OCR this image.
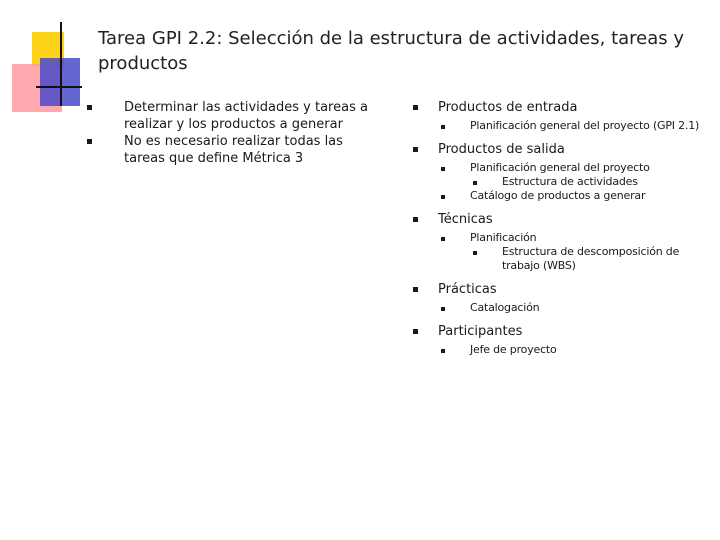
Tarea GPI 2.2: Selección de la estructura de actividades, tareas y productos
Determinar las actividades y tareas a realizar y los productos a generar
No es necesario realizar todas las tareas que define Métrica 3
Productos de entrada
Planificación general del proyecto (GPI 2.1)
Productos de salida
Planificación general del proyecto
Estructura de actividades
Catálogo de productos a generar
Técnicas
Planificación
Estructura de descomposición de trabajo (WBS)
Prácticas
Catalogación
Participantes
Jefe de proyecto
